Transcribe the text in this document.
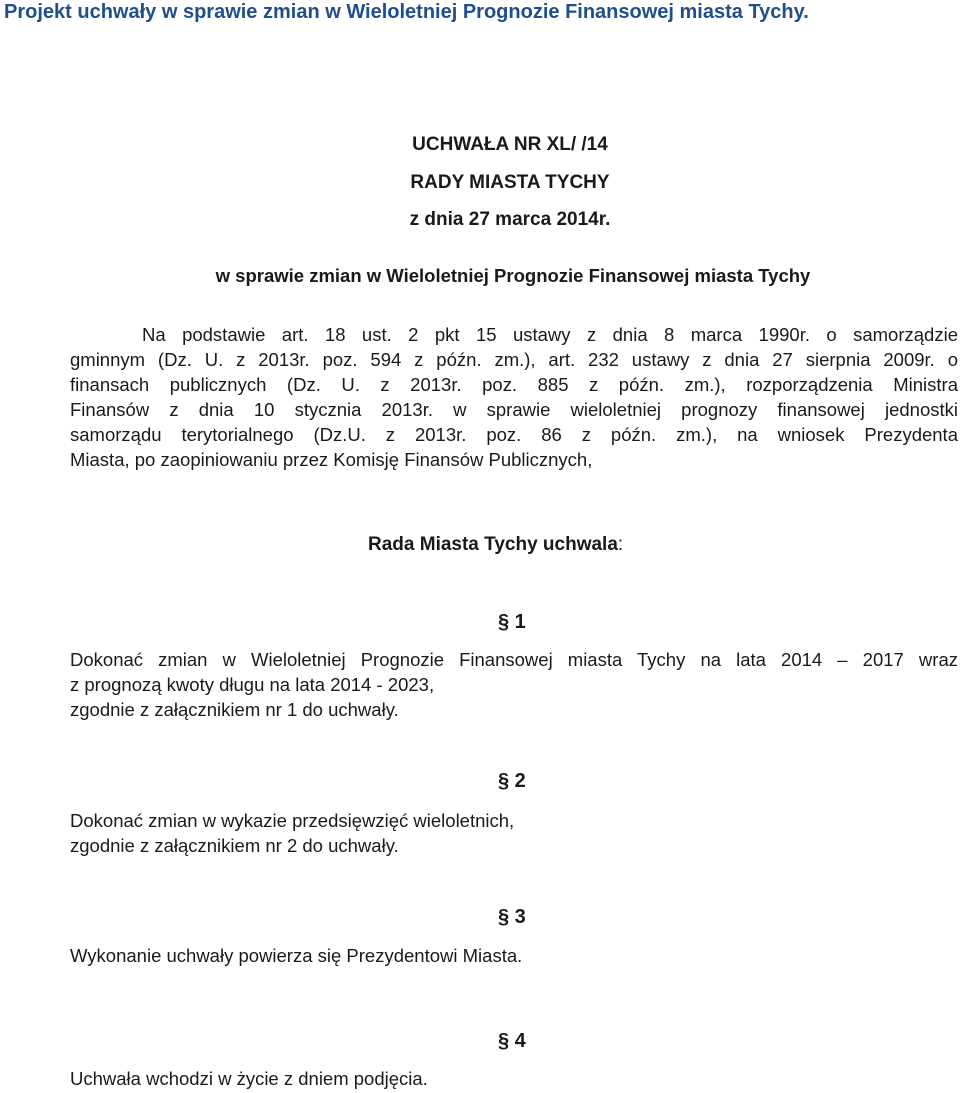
Projekt uchwały w sprawie zmian w Wieloletniej Prognozie Finansowej miasta Tychy.
UCHWAŁA NR XL/ /14
RADY MIASTA TYCHY
z dnia 27 marca 2014r.
w sprawie zmian w Wieloletniej Prognozie Finansowej miasta Tychy
Na podstawie art. 18 ust. 2 pkt 15 ustawy z dnia 8 marca 1990r. o samorządzie
gminnym (Dz. U. z 2013r. poz. 594 z późn. zm.), art. 232 ustawy z dnia 27 sierpnia 2009r. o
finansach publicznych (Dz. U. z 2013r. poz. 885 z późn. zm.), rozporządzenia Ministra
Finansów z dnia 10 stycznia 2013r. w sprawie wieloletniej prognozy finansowej jednostki
samorządu terytorialnego (Dz.U. z 2013r. poz. 86 z późn. zm.), na wniosek Prezydenta
Miasta, po zaopiniowaniu przez Komisję Finansów Publicznych,
Rada Miasta Tychy uchwala:
§ 1
Dokonać zmian w Wieloletniej Prognozie Finansowej miasta Tychy na lata 2014 – 2017 wraz
z prognozą kwoty długu na lata 2014 - 2023,
zgodnie z załącznikiem nr 1 do uchwały.
§ 2
Dokonać zmian w wykazie przedsięwzięć wieloletnich,
zgodnie z załącznikiem nr 2 do uchwały.
§ 3
Wykonanie uchwały powierza się Prezydentowi Miasta.
§ 4
Uchwała wchodzi w życie z dniem podjęcia.
